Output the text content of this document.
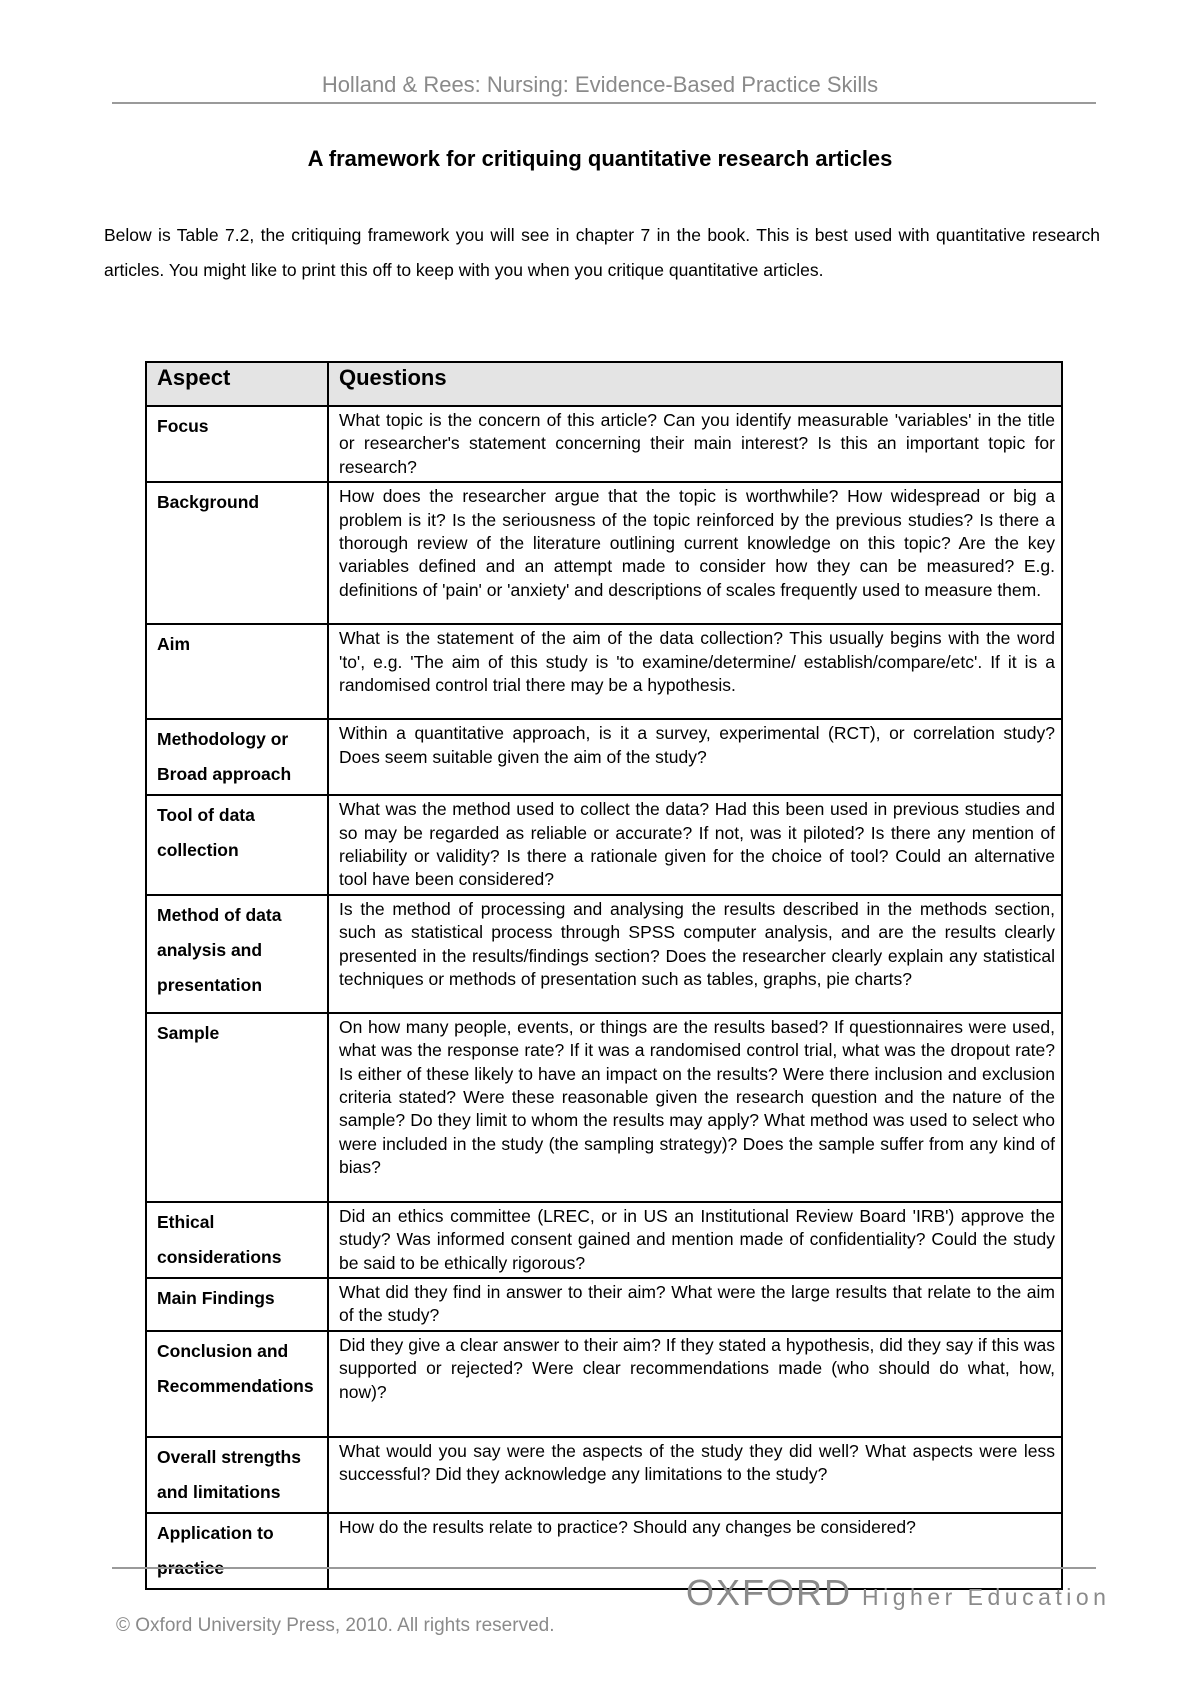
Holland & Rees: Nursing: Evidence-Based Practice Skills
A framework for critiquing quantitative research articles

Below is Table 7.2, the critiquing framework you will see in chapter 7 in the book. This is best used with quantitative research articles. You might like to print this off to keep with you when you critique quantitative articles.

Aspect	Questions
Focus	What topic is the concern of this article? Can you identify measurable 'variables' in the title or researcher's statement concerning their main interest? Is this an important topic for research?
Background	How does the researcher argue that the topic is worthwhile? How widespread or big a problem is it? Is the seriousness of the topic reinforced by the previous studies? Is there a thorough review of the literature outlining current knowledge on this topic? Are the key variables defined and an attempt made to consider how they can be measured? E.g. definitions of 'pain' or 'anxiety' and descriptions of scales frequently used to measure them.
Aim	What is the statement of the aim of the data collection? This usually begins with the word 'to', e.g. 'The aim of this study is 'to examine/determine/ establish/compare/etc'. If it is a randomised control trial there may be a hypothesis.
Methodology or Broad approach	Within a quantitative approach, is it a survey, experimental (RCT), or correlation study? Does seem suitable given the aim of the study?
Tool of data collection	What was the method used to collect the data? Had this been used in previous studies and so may be regarded as reliable or accurate? If not, was it piloted? Is there any mention of reliability or validity? Is there a rationale given for the choice of tool? Could an alternative tool have been considered?
Method of data analysis and presentation	Is the method of processing and analysing the results described in the methods section, such as statistical process through SPSS computer analysis, and are the results clearly presented in the results/findings section? Does the researcher clearly explain any statistical techniques or methods of presentation such as tables, graphs, pie charts?
Sample	On how many people, events, or things are the results based? If questionnaires were used, what was the response rate? If it was a randomised control trial, what was the dropout rate? Is either of these likely to have an impact on the results? Were there inclusion and exclusion criteria stated? Were these reasonable given the research question and the nature of the sample? Do they limit to whom the results may apply? What method was used to select who were included in the study (the sampling strategy)? Does the sample suffer from any kind of bias?
Ethical considerations	Did an ethics committee (LREC, or in US an Institutional Review Board 'IRB') approve the study? Was informed consent gained and mention made of confidentiality? Could the study be said to be ethically rigorous?
Main Findings	What did they find in answer to their aim? What were the large results that relate to the aim of the study?
Conclusion and Recommendations	Did they give a clear answer to their aim? If they stated a hypothesis, did they say if this was supported or rejected? Were clear recommendations made (who should do what, how, now)?
Overall strengths and limitations	What would you say were the aspects of the study they did well? What aspects were less successful? Did they acknowledge any limitations to the study?
Application to practice	How do the results relate to practice? Should any changes be considered?
OXFORD Higher Education
© Oxford University Press, 2010. All rights reserved.
